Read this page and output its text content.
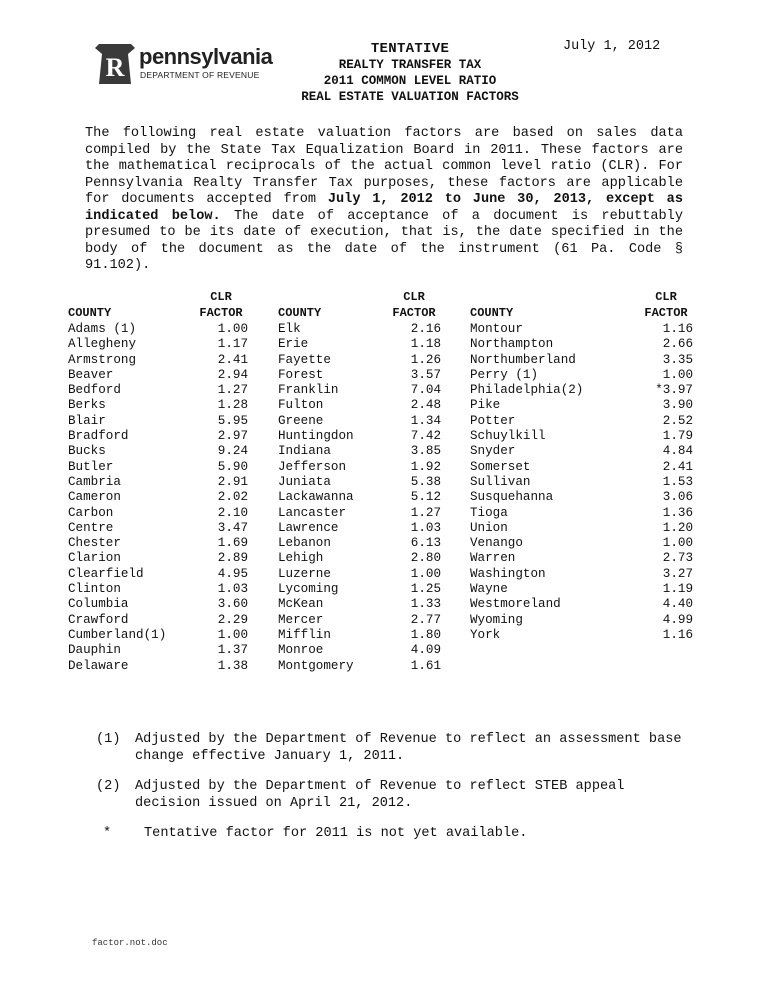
R pennsylvania
DEPARTMENT OF REVENUE
July 1, 2012
TENTATIVE
REALTY TRANSFER TAX
2011 COMMON LEVEL RATIO
REAL ESTATE VALUATION FACTORS
The following real estate valuation factors are based on sales data compiled by the State Tax Equalization Board in 2011. These factors are the mathematical reciprocals of the actual common level ratio (CLR). For Pennsylvania Realty Transfer Tax purposes, these factors are applicable for documents accepted from July 1, 2012 to June 30, 2013, except as indicated below. The date of acceptance of a document is rebuttably presumed to be its date of execution, that is, the date specified in the body of the document as the date of the instrument (61 Pa. Code § 91.102).
COUNTY
CLR
FACTOR
Adams (1)	1.00
Allegheny	1.17
Armstrong	2.41
Beaver	2.94
Bedford	1.27
Berks	1.28
Blair	5.95
Bradford	2.97
Bucks	9.24
Butler	5.90
Cambria	2.91
Cameron	2.02
Carbon	2.10
Centre	3.47
Chester	1.69
Clarion	2.89
Clearfield	4.95
Clinton	1.03
Columbia	3.60
Crawford	2.29
Cumberland(1)	1.00
Dauphin	1.37
Delaware	1.38
COUNTY
CLR
FACTOR
Elk	2.16
Erie	1.18
Fayette	1.26
Forest	3.57
Franklin	7.04
Fulton	2.48
Greene	1.34
Huntingdon	7.42
Indiana	3.85
Jefferson	1.92
Juniata	5.38
Lackawanna	5.12
Lancaster	1.27
Lawrence	1.03
Lebanon	6.13
Lehigh	2.80
Luzerne	1.00
Lycoming	1.25
McKean	1.33
Mercer	2.77
Mifflin	1.80
Monroe	4.09
Montgomery	1.61
COUNTY
CLR
FACTOR
Montour	1.16
Northampton	2.66
Northumberland	3.35
Perry (1)	1.00
Philadelphia(2)	*3.97
Pike	3.90
Potter	2.52
Schuylkill	1.79
Snyder	4.84
Somerset	2.41
Sullivan	1.53
Susquehanna	3.06
Tioga	1.36
Union	1.20
Venango	1.00
Warren	2.73
Washington	3.27
Wayne	1.19
Westmoreland	4.40
Wyoming	4.99
York	1.16
(1) Adjusted by the Department of Revenue to reflect an assessment base change effective January 1, 2011.
(2) Adjusted by the Department of Revenue to reflect STEB appeal decision issued on April 21, 2012.
* Tentative factor for 2011 is not yet available.
factor.not.doc
